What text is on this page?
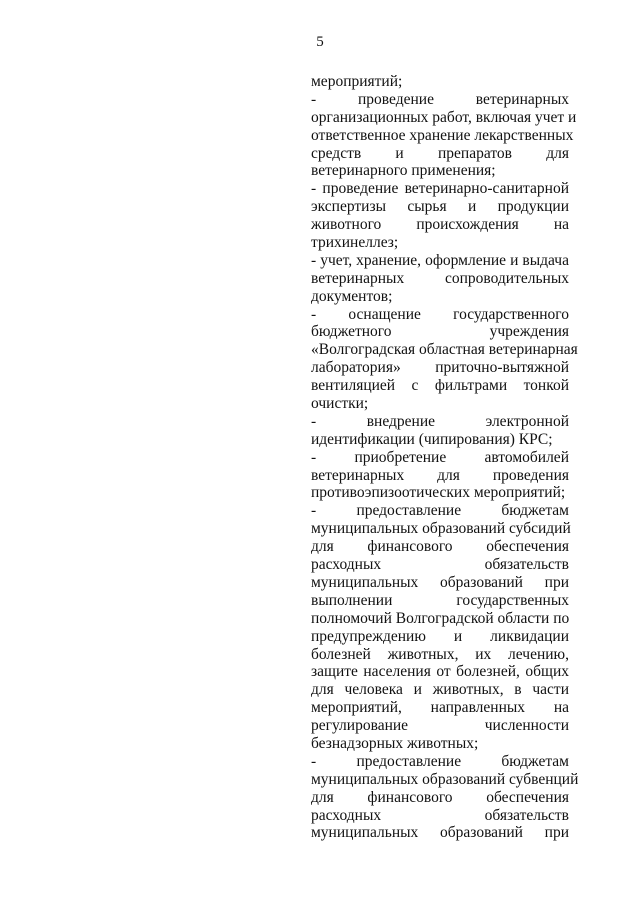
5
мероприятий;
- проведение ветеринарных
организационных работ, включая учет и
ответственное хранение лекарственных
средств и препаратов для
ветеринарного применения;
- проведение ветеринарно-санитарной
экспертизы сырья и продукции
животного происхождения на
трихинеллез;
- учет, хранение, оформление и выдача
ветеринарных сопроводительных
документов;
- оснащение государственного
бюджетного учреждения
«Волгоградская областная ветеринарная
лаборатория» приточно-вытяжной
вентиляцией с фильтрами тонкой
очистки;
- внедрение электронной
идентификации (чипирования) КРС;
- приобретение автомобилей
ветеринарных для проведения
противоэпизоотических мероприятий;
- предоставление бюджетам
муниципальных образований субсидий
для финансового обеспечения
расходных обязательств
муниципальных образований при
выполнении государственных
полномочий Волгоградской области по
предупреждению и ликвидации
болезней животных, их лечению,
защите населения от болезней, общих
для человека и животных, в части
мероприятий, направленных на
регулирование численности
безнадзорных животных;
- предоставление бюджетам
муниципальных образований субвенций
для финансового обеспечения
расходных обязательств
муниципальных образований при
